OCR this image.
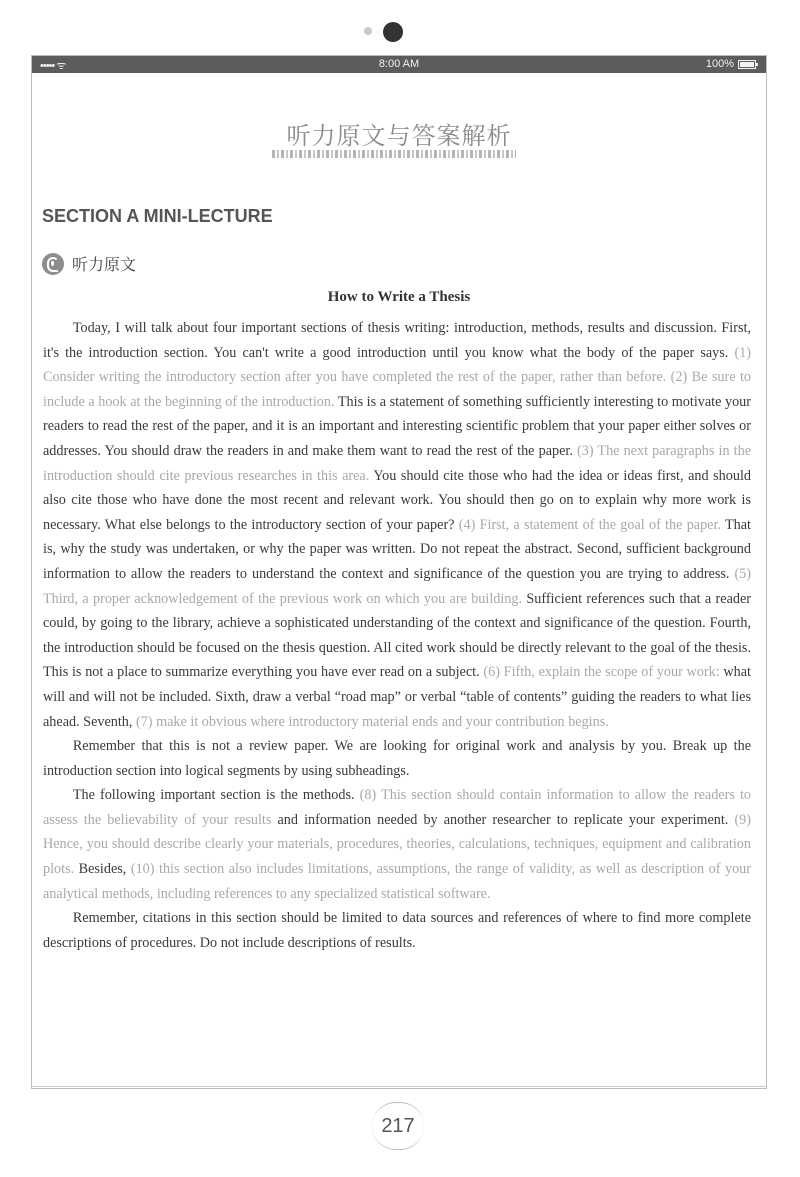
••••• ᯤ	8:00 AM	100%
听力原文与答案解析
SECTION A MINI-LECTURE
听力原文
How to Write a Thesis

Today, I will talk about four important sections of thesis writing: introduction, methods, results and discussion. First, it's the introduction section. You can't write a good introduction until you know what the body of the paper says. (1) Consider writing the introductory section after you have completed the rest of the paper, rather than before. (2) Be sure to include a hook at the beginning of the introduction. This is a statement of something sufficiently interesting to motivate your readers to read the rest of the paper, and it is an important and interesting scientific problem that your paper either solves or addresses. You should draw the readers in and make them want to read the rest of the paper. (3) The next paragraphs in the introduction should cite previous researches in this area. You should cite those who had the idea or ideas first, and should also cite those who have done the most recent and relevant work. You should then go on to explain why more work is necessary. What else belongs to the introductory section of your paper? (4) First, a statement of the goal of the paper. That is, why the study was undertaken, or why the paper was written. Do not repeat the abstract. Second, sufficient background information to allow the readers to understand the context and significance of the question you are trying to address. (5) Third, a proper acknowledgement of the previous work on which you are building. Sufficient references such that a reader could, by going to the library, achieve a sophisticated understanding of the context and significance of the question. Fourth, the introduction should be focused on the thesis question. All cited work should be directly relevant to the goal of the thesis. This is not a place to summarize everything you have ever read on a subject. (6) Fifth, explain the scope of your work: what will and will not be included. Sixth, draw a verbal “road map” or verbal “table of contents” guiding the readers to what lies ahead. Seventh, (7) make it obvious where introductory material ends and your contribution begins.

Remember that this is not a review paper. We are looking for original work and analysis by you. Break up the introduction section into logical segments by using subheadings.

The following important section is the methods. (8) This section should contain information to allow the readers to assess the believability of your results and information needed by another researcher to replicate your experiment. (9) Hence, you should describe clearly your materials, procedures, theories, calculations, techniques, equipment and calibration plots. Besides, (10) this section also includes limitations, assumptions, the range of validity, as well as description of your analytical methods, including references to any specialized statistical software.

Remember, citations in this section should be limited to data sources and references of where to find more complete descriptions of procedures. Do not include descriptions of results.

217
